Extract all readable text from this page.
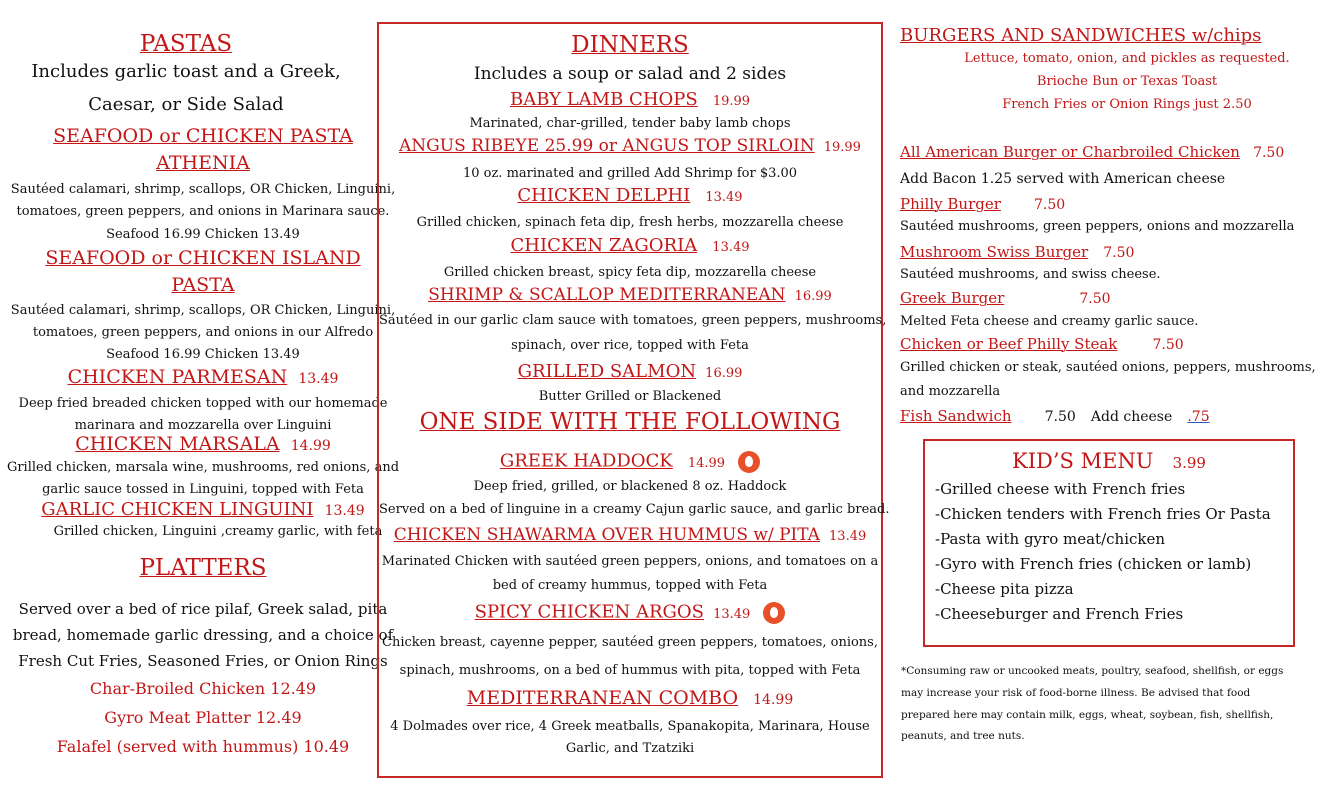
PASTAS
Includes garlic toast and a Greek,
Caesar, or Side Salad
SEAFOOD or CHICKEN PASTA
ATHENIA
Sautéed calamari, shrimp, scallops, OR Chicken, Linguini,
tomatoes, green peppers, and onions in Marinara sauce.
Seafood 16.99 Chicken 13.49
SEAFOOD or CHICKEN ISLAND
PASTA
Sautéed calamari, shrimp, scallops, OR Chicken, Linguini,
tomatoes, green peppers, and onions in our Alfredo
Seafood 16.99 Chicken 13.49
CHICKEN PARMESAN 13.49
Deep fried breaded chicken topped with our homemade
marinara and mozzarella over Linguini
CHICKEN MARSALA 14.99
Grilled chicken, marsala wine, mushrooms, red onions, and
garlic sauce tossed in Linguini, topped with Feta
GARLIC CHICKEN LINGUINI 13.49
Grilled chicken, Linguini ,creamy garlic, with feta
PLATTERS
Served over a bed of rice pilaf, Greek salad, pita
bread, homemade garlic dressing, and a choice of
Fresh Cut Fries, Seasoned Fries, or Onion Rings
Char-Broiled Chicken 12.49
Gyro Meat Platter 12.49
Falafel (served with hummus) 10.49
DINNERS
Includes a soup or salad and 2 sides
BABY LAMB CHOPS 19.99
Marinated, char-grilled, tender baby lamb chops
ANGUS RIBEYE 25.99 or ANGUS TOP SIRLOIN 19.99
10 oz. marinated and grilled Add Shrimp for $3.00
CHICKEN DELPHI 13.49
Grilled chicken, spinach feta dip, fresh herbs, mozzarella cheese
CHICKEN ZAGORIA 13.49
Grilled chicken breast, spicy feta dip, mozzarella cheese
SHRIMP & SCALLOP MEDITERRANEAN 16.99
Sautéed in our garlic clam sauce with tomatoes, green peppers, mushrooms,
spinach, over rice, topped with Feta
GRILLED SALMON 16.99
Butter Grilled or Blackened
ONE SIDE WITH THE FOLLOWING
GREEK HADDOCK 14.99
Deep fried, grilled, or blackened 8 oz. Haddock
Served on a bed of linguine in a creamy Cajun garlic sauce, and garlic bread.
CHICKEN SHAWARMA OVER HUMMUS w/ PITA 13.49
Marinated Chicken with sautéed green peppers, onions, and tomatoes on a
bed of creamy hummus, topped with Feta
SPICY CHICKEN ARGOS 13.49
Chicken breast, cayenne pepper, sautéed green peppers, tomatoes, onions,
spinach, mushrooms, on a bed of hummus with pita, topped with Feta
MEDITERRANEAN COMBO 14.99
4 Dolmades over rice, 4 Greek meatballs, Spanakopita, Marinara, House
Garlic, and Tzatziki
BURGERS AND SANDWICHES w/chips
Lettuce, tomato, onion, and pickles as requested.
Brioche Bun or Texas Toast
French Fries or Onion Rings just 2.50
All American Burger or Charbroiled Chicken 7.50
Add Bacon 1.25 served with American cheese
Philly Burger 7.50
Sautéed mushrooms, green peppers, onions and mozzarella
Mushroom Swiss Burger 7.50
Sautéed mushrooms, and swiss cheese.
Greek Burger	7.50
Melted Feta cheese and creamy garlic sauce.
Chicken or Beef Philly Steak	7.50
Grilled chicken or steak, sautéed onions, peppers, mushrooms,
and mozzarella
Fish Sandwich 7.50 Add cheese .75
KID’S MENU 3.99
-Grilled cheese with French fries
-Chicken tenders with French fries Or Pasta
-Pasta with gyro meat/chicken
-Gyro with French fries (chicken or lamb)
-Cheese pita pizza
-Cheeseburger and French Fries
*Consuming raw or uncooked meats, poultry, seafood, shellfish, or eggs
may increase your risk of food-borne illness. Be advised that food
prepared here may contain milk, eggs, wheat, soybean, fish, shellfish,
peanuts, and tree nuts.
